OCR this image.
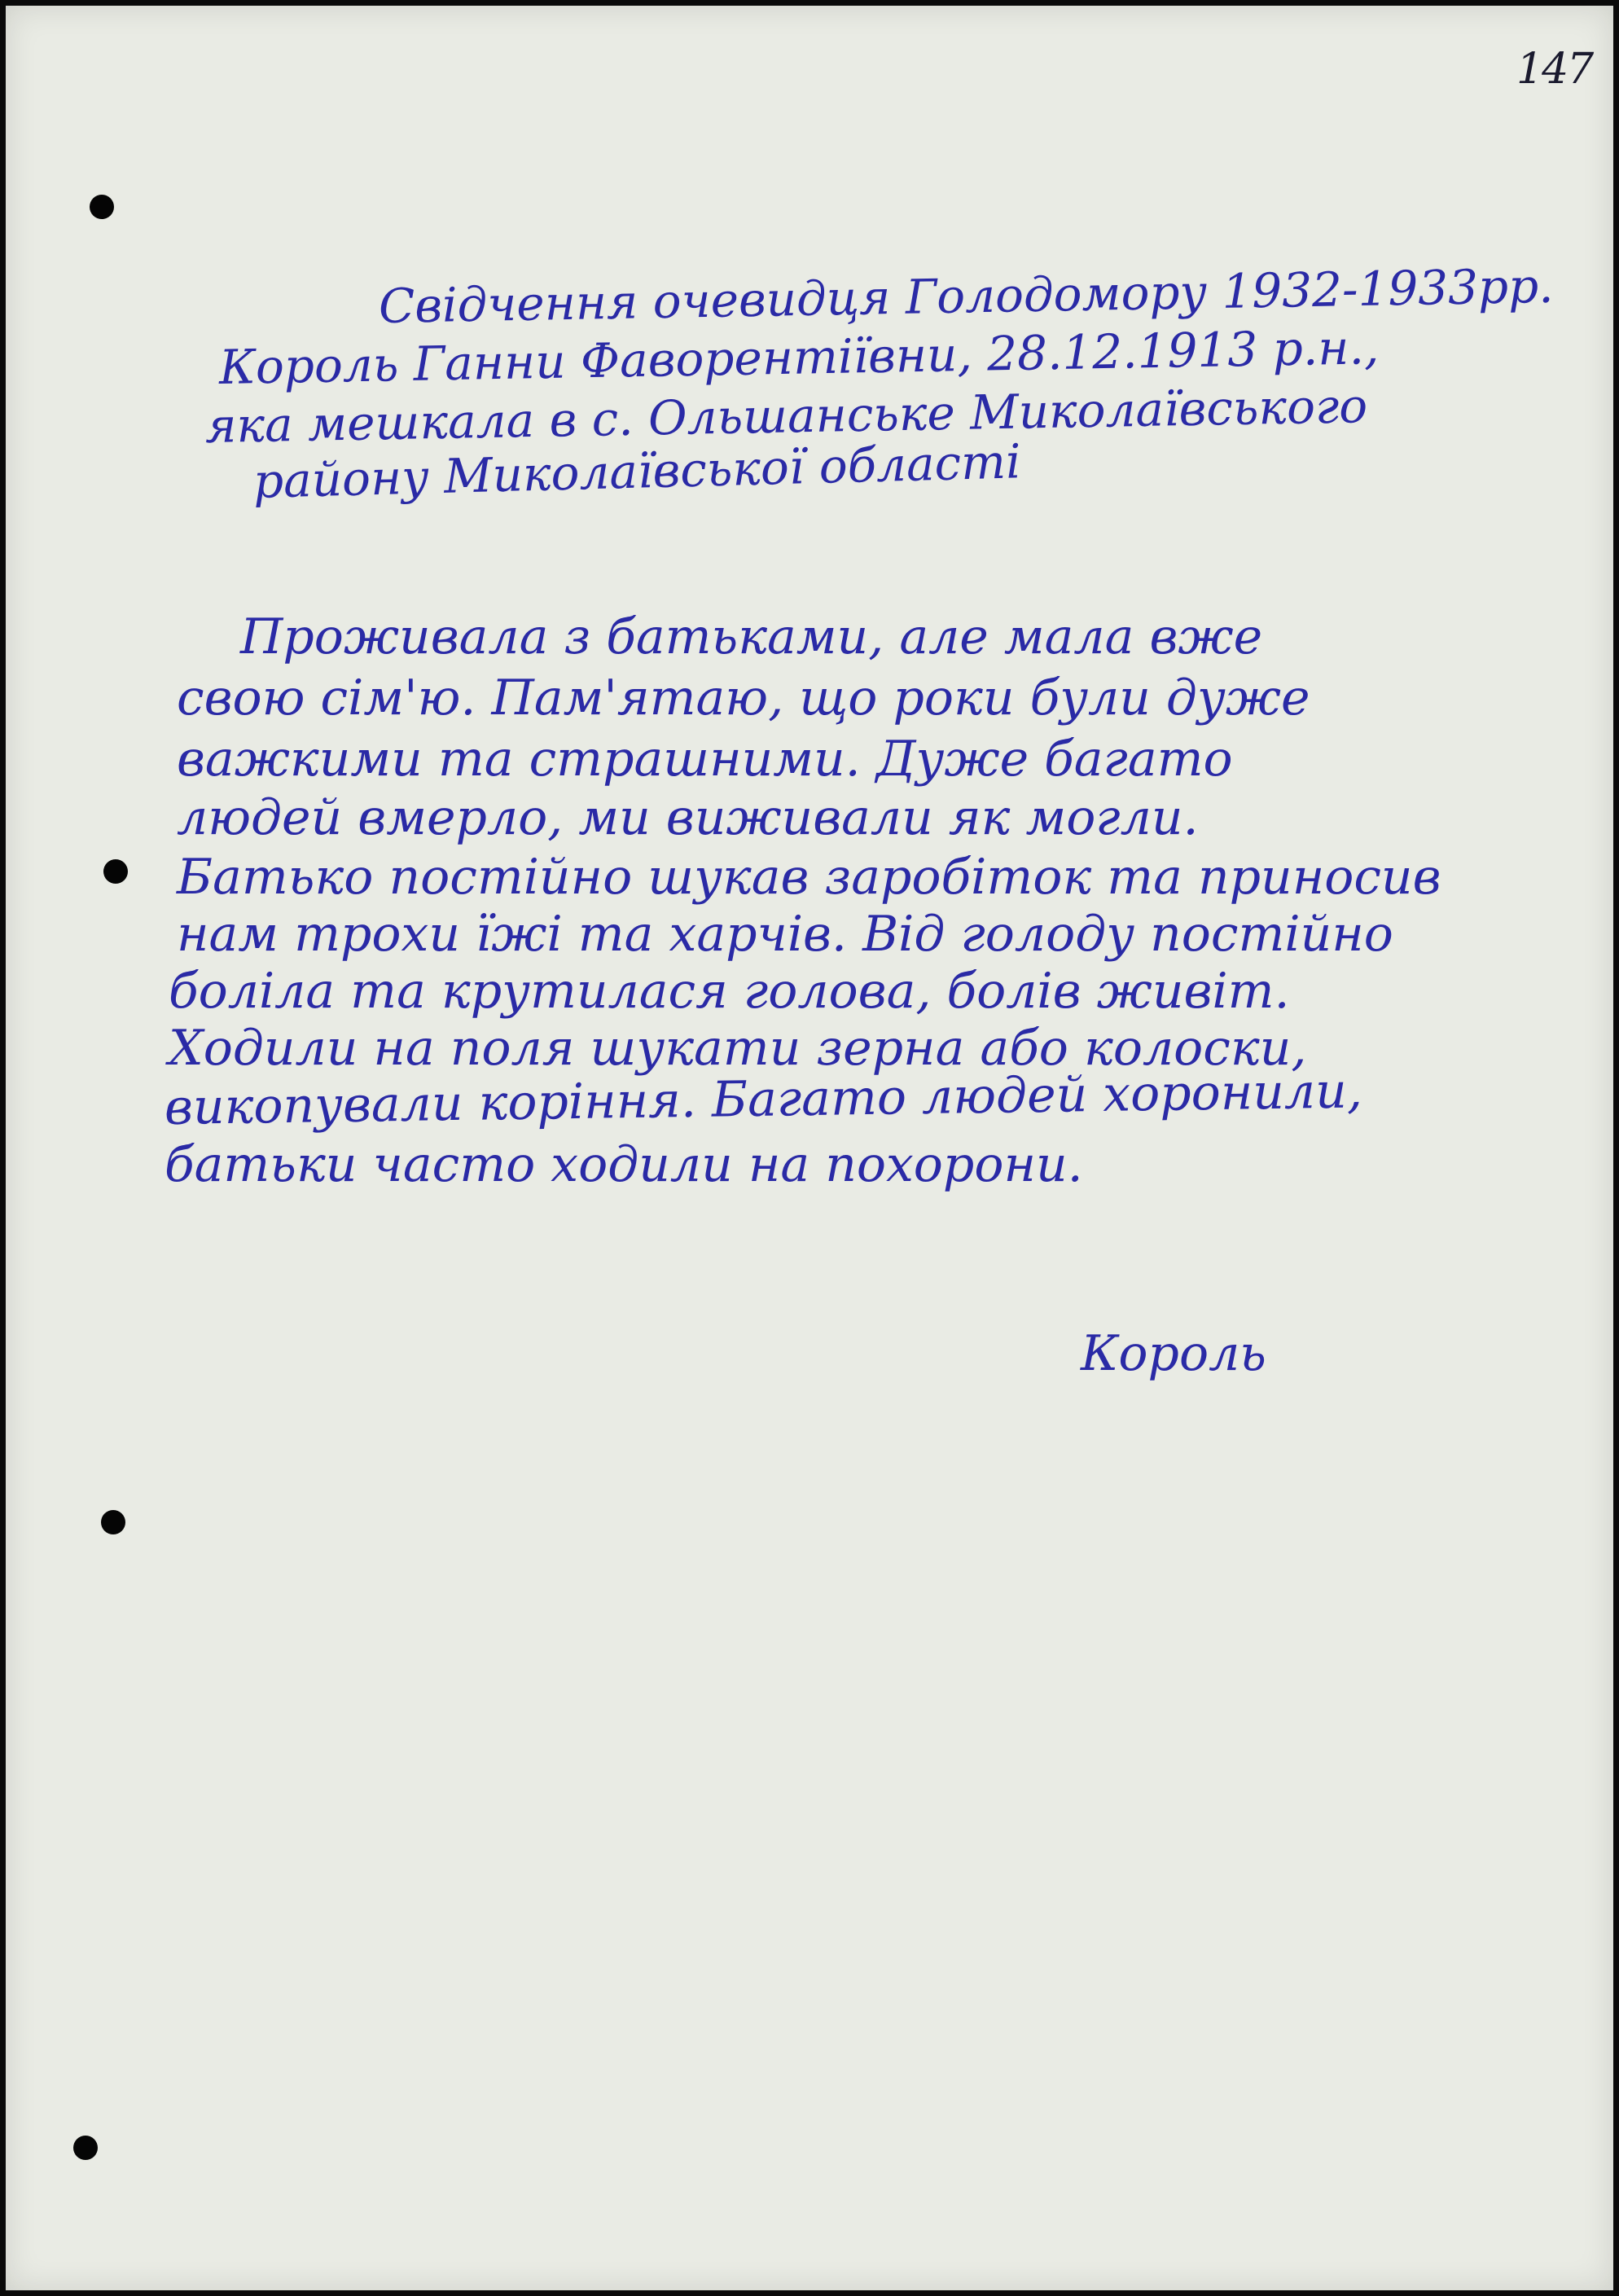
147
Свідчення очевидця Голодомору 1932-1933рр.
Король Ганни Фаворентіївни, 28.12.1913 р.н.,
яка мешкала в с. Ольшанське Миколаївського
району Миколаївської області
Проживала з батьками, але мала вже
свою сім'ю. Пам'ятаю, що роки були дуже
важкими та страшними. Дуже багато
людей вмерло, ми виживали як могли.
Батько постійно шукав заробіток та приносив
нам трохи їжі та харчів. Від голоду постійно
боліла та крутилася голова, болів живіт.
Ходили на поля шукати зерна або колоски,
викопували коріння. Багато людей хоронили,
батьки часто ходили на похорони.
Король
